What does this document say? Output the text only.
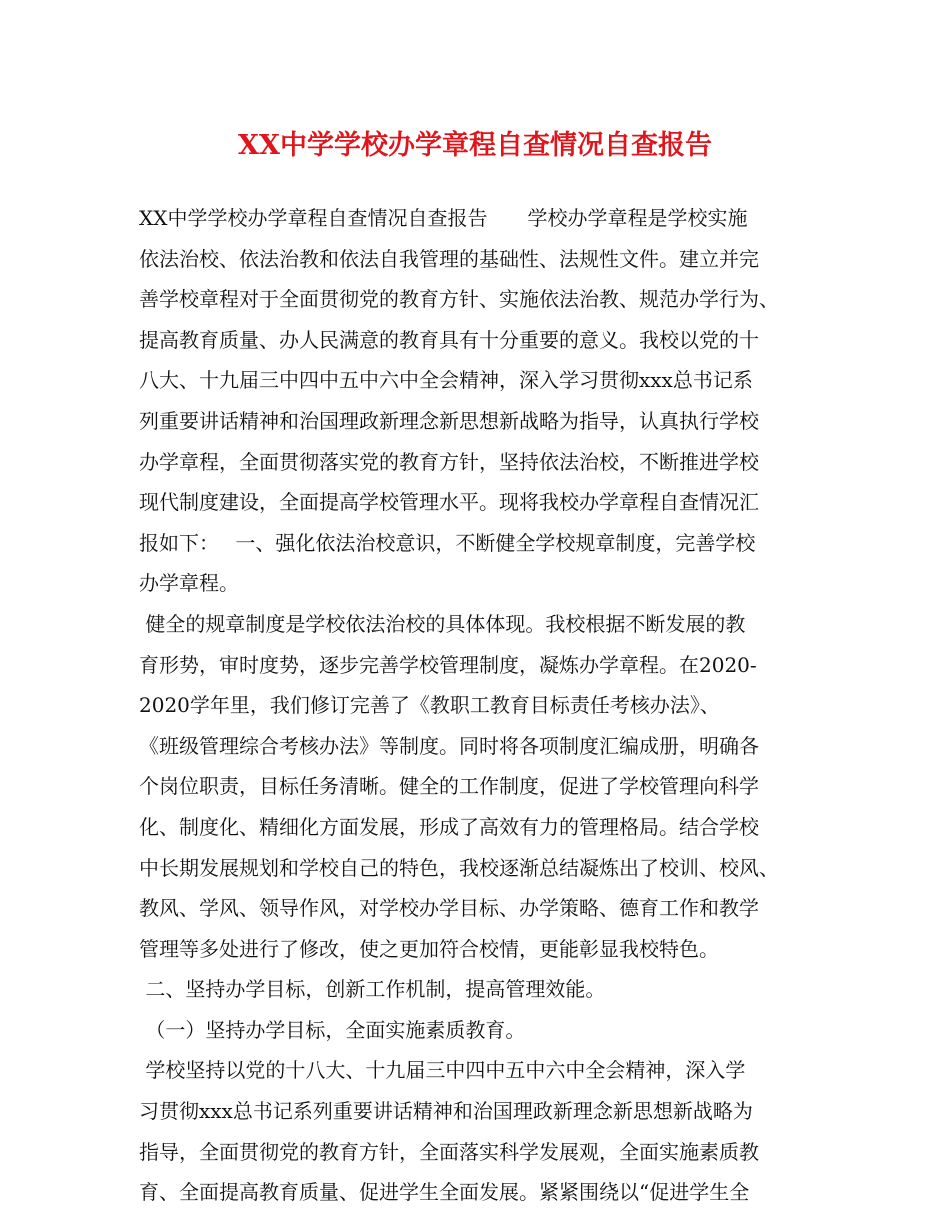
XX中学学校办学章程自查情况自查报告
XX中学学校办学章程自查情况自查报告　　学校办学章程是学校实施
依法治校、依法治教和依法自我管理的基础性、法规性文件。建立并完
善学校章程对于全面贯彻党的教育方针、实施依法治教、规范办学行为、
提高教育质量、办人民满意的教育具有十分重要的意义。我校以党的十
八大、十九届三中四中五中六中全会精神，深入学习贯彻xxx总书记系
列重要讲话精神和治国理政新理念新思想新战略为指导，认真执行学校
办学章程，全面贯彻落实党的教育方针，坚持依法治校，不断推进学校
现代制度建设，全面提高学校管理水平。现将我校办学章程自查情况汇
报如下：　 一、强化依法治校意识，不断健全学校规章制度，完善学校
办学章程。
健全的规章制度是学校依法治校的具体体现。我校根据不断发展的教
育形势，审时度势，逐步完善学校管理制度，凝炼办学章程。在2020-
2020学年里，我们修订完善了《教职工教育目标责任考核办法》、
《班级管理综合考核办法》等制度。同时将各项制度汇编成册，明确各
个岗位职责，目标任务清晰。健全的工作制度，促进了学校管理向科学
化、制度化、精细化方面发展，形成了高效有力的管理格局。结合学校
中长期发展规划和学校自己的特色，我校逐渐总结凝炼出了校训、校风、
教风、学风、领导作风，对学校办学目标、办学策略、德育工作和教学
管理等多处进行了修改，使之更加符合校情，更能彰显我校特色。
二、坚持办学目标，创新工作机制，提高管理效能。
（一）坚持办学目标，全面实施素质教育。
学校坚持以党的十八大、十九届三中四中五中六中全会精神，深入学
习贯彻xxx总书记系列重要讲话精神和治国理政新理念新思想新战略为
指导，全面贯彻党的教育方针，全面落实科学发展观，全面实施素质教
育、全面提高教育质量、促进学生全面发展。紧紧围绕以“促进学生全
